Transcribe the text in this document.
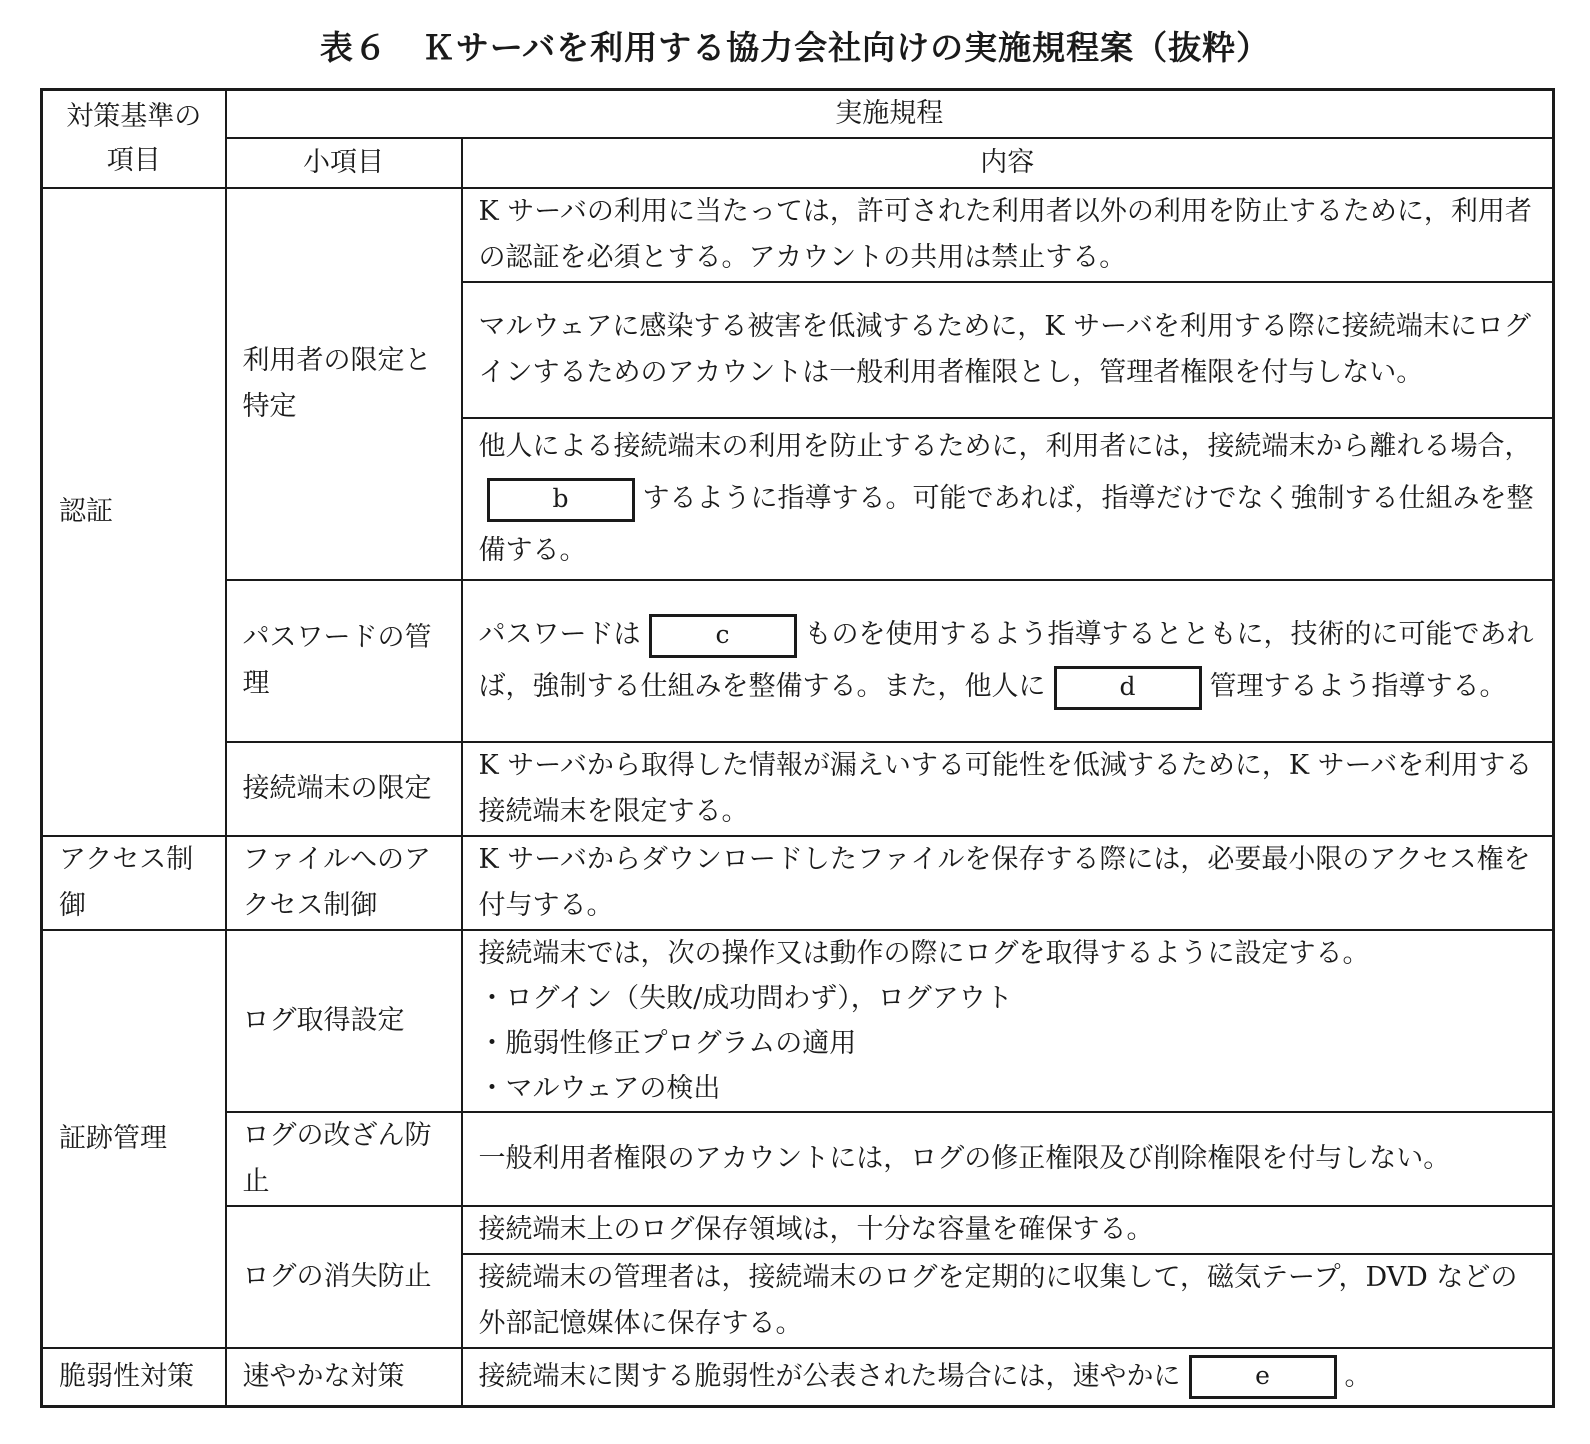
表６　Ｋサーバを利用する協力会社向けの実施規程案（抜粋）
対策基準の項目	実施規程	
	小項目	内容
認証	利用者の限定と特定	K サーバの利用に当たっては，許可された利用者以外の利用を防止するために，利用者の認証を必須とする。アカウントの共用は禁止する。
		マルウェアに感染する被害を低減するために，K サーバを利用する際に接続端末にログインするためのアカウントは一般利用者権限とし，管理者権限を付与しない。
		他人による接続端末の利用を防止するために，利用者には，接続端末から離れる場合，b するように指導する。可能であれば，指導だけでなく強制する仕組みを整備する。
	パスワードの管理	パスワードは c ものを使用するよう指導するとともに，技術的に可能であれば，強制する仕組みを整備する。また，他人に d 管理するよう指導する。
	接続端末の限定	K サーバから取得した情報が漏えいする可能性を低減するために，K サーバを利用する接続端末を限定する。
アクセス制御	ファイルへのアクセス制御	K サーバからダウンロードしたファイルを保存する際には，必要最小限のアクセス権を付与する。
証跡管理	ログ取得設定	接続端末では，次の操作又は動作の際にログを取得するように設定する。
・ログイン（失敗/成功問わず），ログアウト
・脆弱性修正プログラムの適用
・マルウェアの検出

	ログの改ざん防止	一般利用者権限のアカウントには，ログの修正権限及び削除権限を付与しない。
	ログの消失防止	接続端末上のログ保存領域は，十分な容量を確保する。
		接続端末の管理者は，接続端末のログを定期的に収集して，磁気テープ，DVD などの外部記憶媒体に保存する。
脆弱性対策	速やかな対策	接続端末に関する脆弱性が公表された場合には，速やかに e 。
